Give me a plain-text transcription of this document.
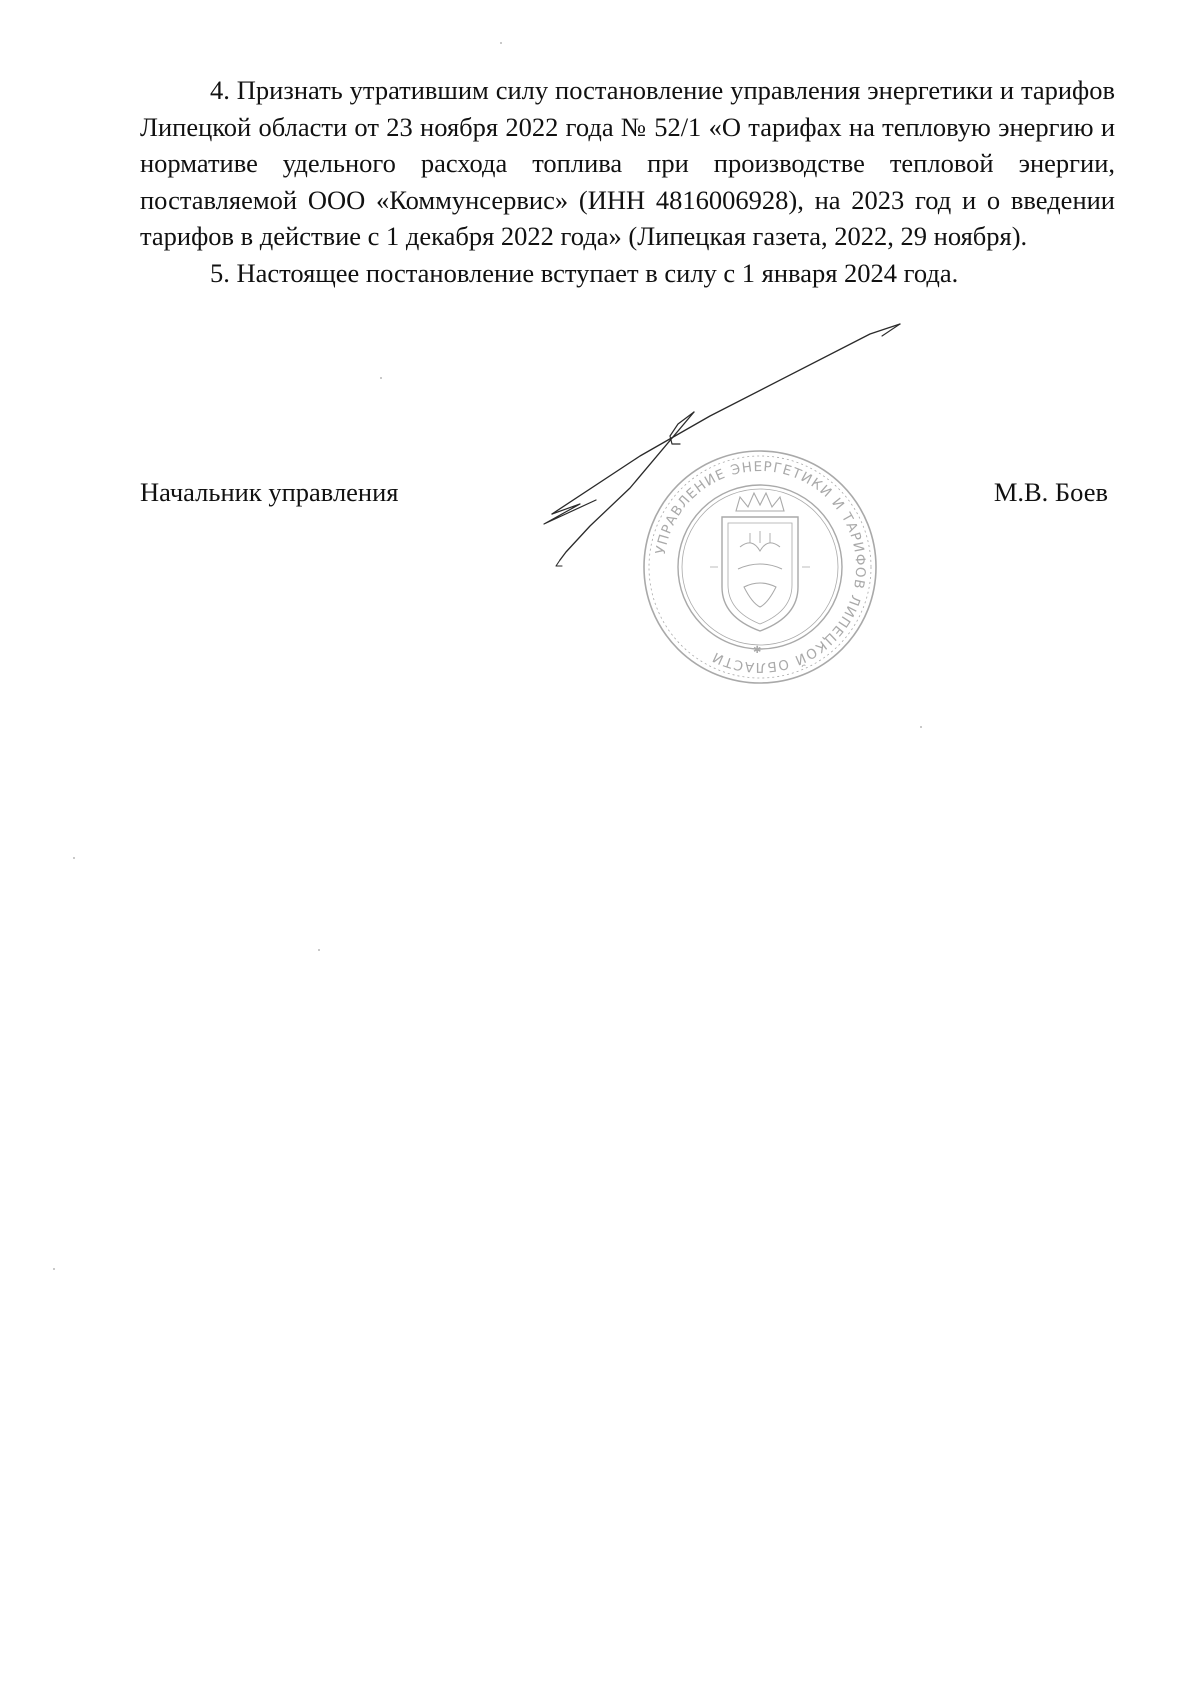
4. Признать утратившим силу постановление управления энергетики и тарифов Липецкой области от 23 ноября 2022 года № 52/1 «О тарифах на тепловую энергию и нормативе удельного расхода топлива при производстве тепловой энергии, поставляемой ООО «Коммунсервис» (ИНН 4816006928), на 2023 год и о введении тарифов в действие с 1 декабря 2022 года» (Липецкая газета, 2022, 29 ноября).

5. Настоящее постановление вступает в силу с 1 января 2024 года.

Начальник управления	М.В. Боев
УПРАВЛЕНИЕ ЭНЕРГЕТИКИ И ТАРИФОВ ЛИПЕЦКОЙ ОБЛАСТИ	✱
